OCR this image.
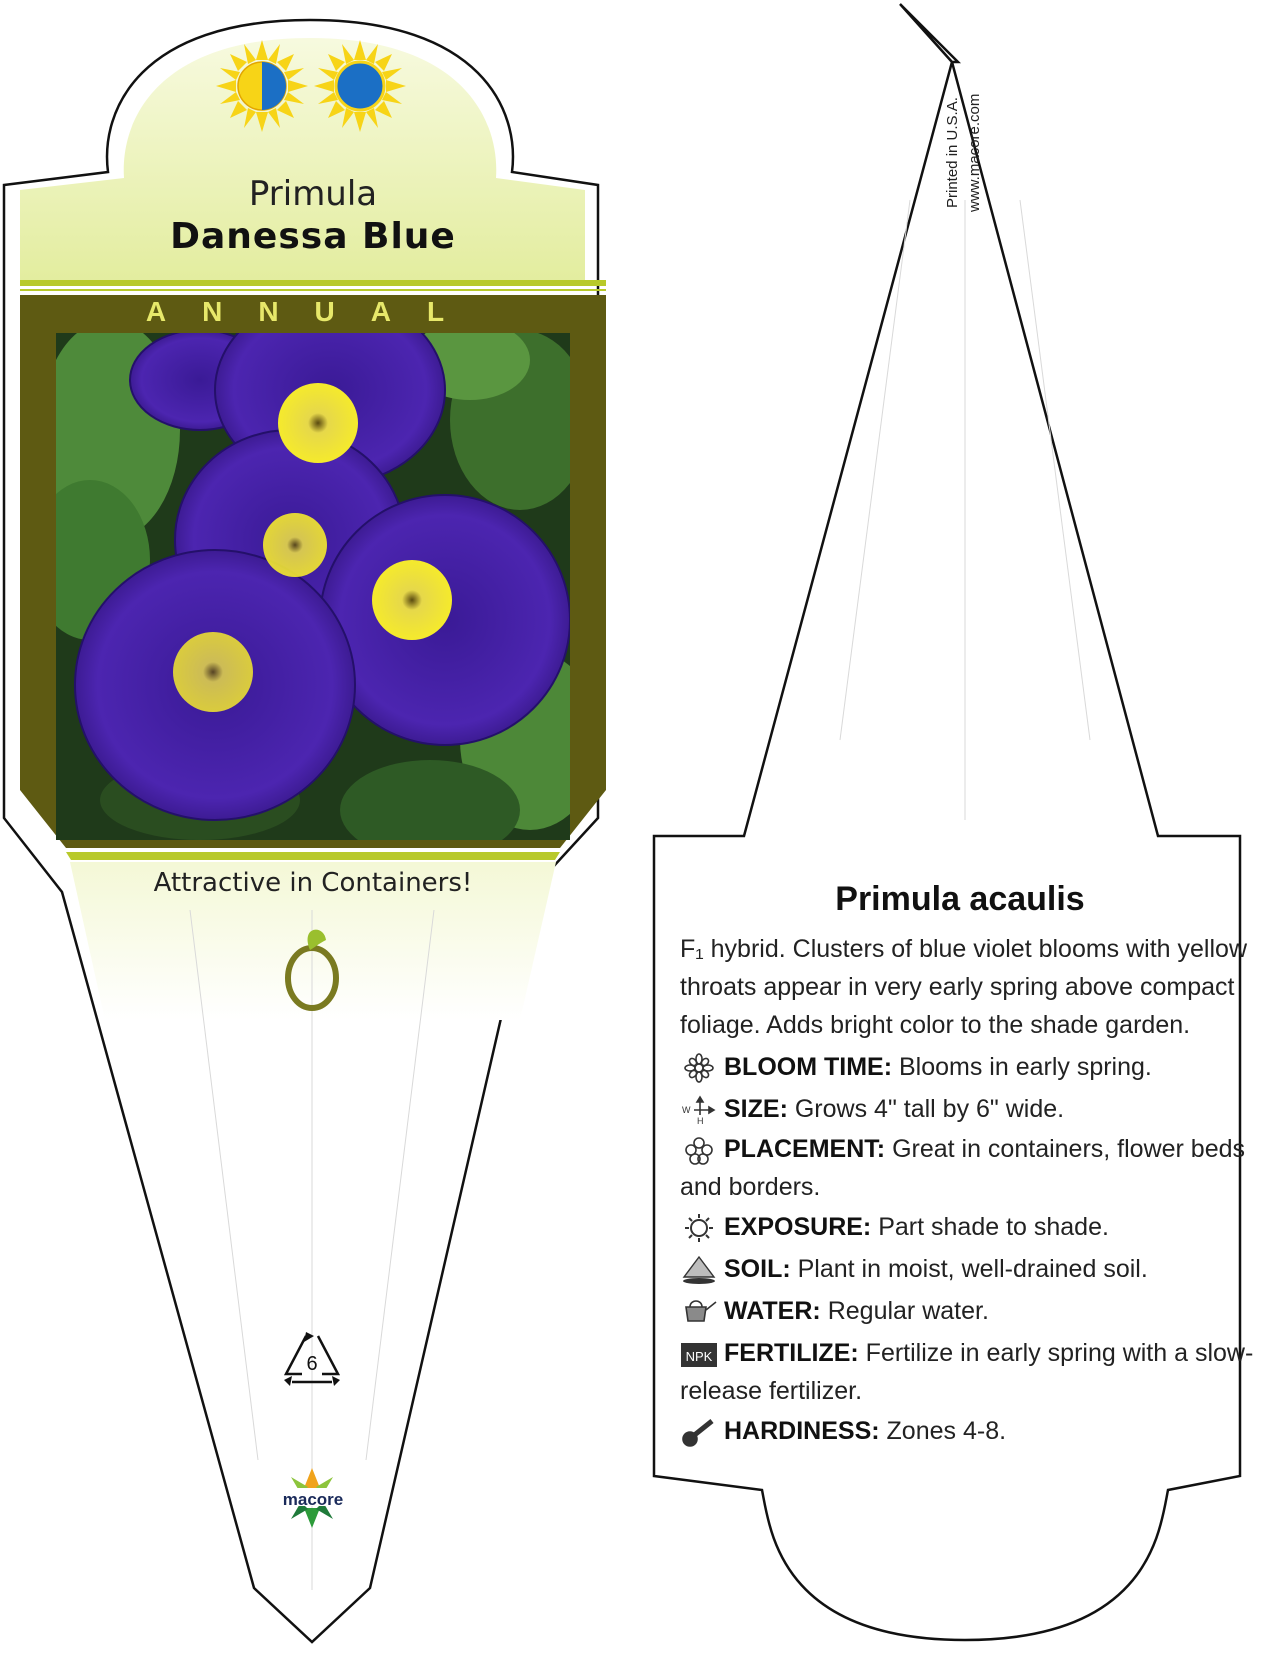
6
Primula
Danessa Blue
ANNUAL
Attractive in Containers!
macore
Printed in U.S.A. www.macore.com
Primula acaulis
F₁ hybrid. Clusters of blue violet blooms with yellow throats appear in very early spring above compact foliage. Adds bright color to the shade garden.
BLOOM TIME: Blooms in early spring.
W
H SIZE: Grows 4" tall by 6" wide.
PLACEMENT: Great in containers, flower beds and borders.
EXPOSURE: Part shade to shade.
SOIL: Plant in moist, well-drained soil.
WATER: Regular water.
NPK FERTILIZE: Fertilize in early spring with a slow-release fertilizer.
HARDINESS: Zones 4-8.
